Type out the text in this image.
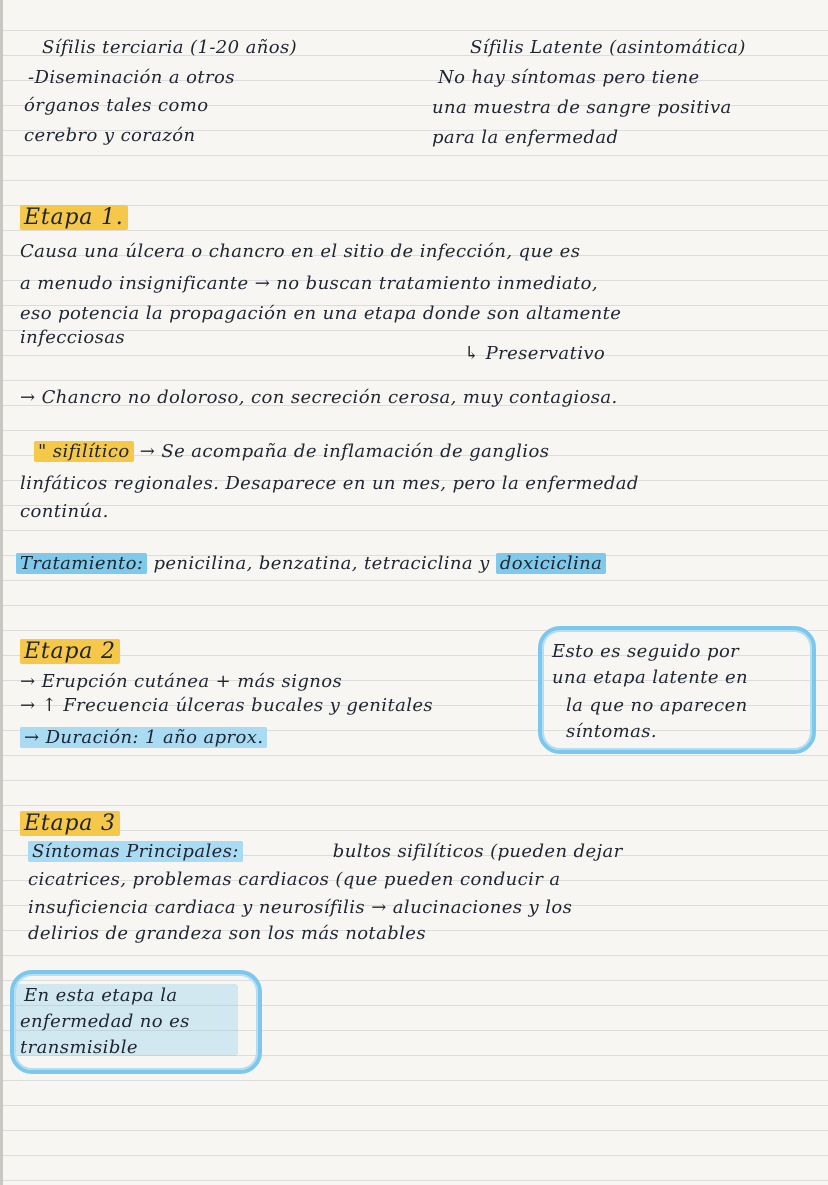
Sífilis terciaria (1-20 años)
-Diseminación a otros
órganos tales como
cerebro y corazón
Sífilis Latente (asintomática)
No hay síntomas pero tiene
una muestra de sangre positiva
para la enfermedad
Etapa 1.
Causa una úlcera o chancro en el sitio de infección, que es
a menudo insignificante → no buscan tratamiento inmediato,
eso potencia la propagación en una etapa donde son altamente
infecciosas
↳ Preservativo
→ Chancro no doloroso, con secreción cerosa, muy contagiosa.
" sifilítico → Se acompaña de inflamación de ganglios
linfáticos regionales. Desaparece en un mes, pero la enfermedad
continúa.
Tratamiento: penicilina, benzatina, tetraciclina y doxiciclina
Etapa 2
→ Erupción cutánea + más signos
→ ↑ Frecuencia úlceras bucales y genitales
→ Duración: 1 año aprox.
Esto es seguido por
una etapa latente en
la que no aparecen
síntomas.
Etapa 3
Síntomas Principales:	bultos sifilíticos (pueden dejar
cicatrices, problemas cardiacos (que pueden conducir a
insuficiencia cardiaca y neurosífilis → alucinaciones y los
delirios de grandeza son los más notables
En esta etapa la
enfermedad no es
transmisible
